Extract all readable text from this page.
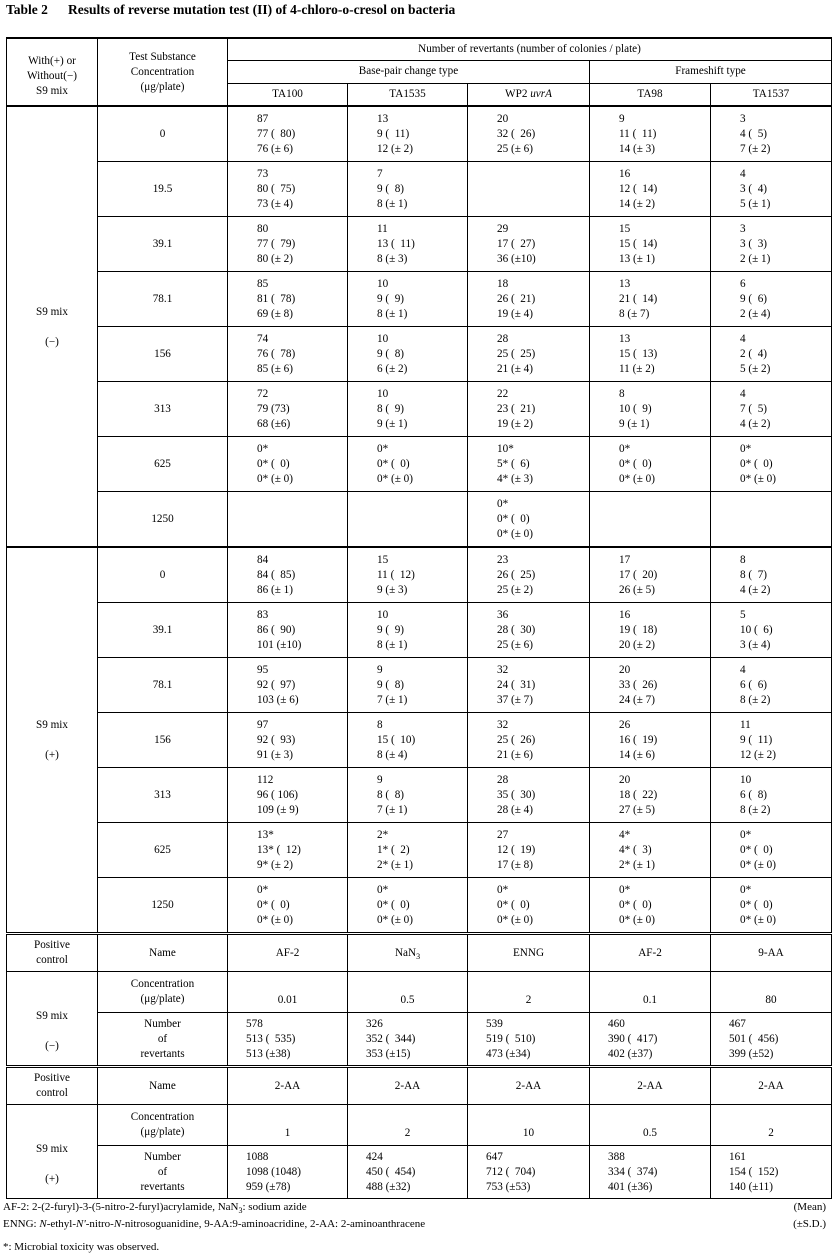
Table 2 Results of reverse mutation test (II) of 4-chloro-o-cresol on bacteria
With(+) or
Without(−)
S9 mix	Test Substance
Concentration
(μg/plate)	Number of revertants (number of colonies / plate)				
		Base-pair change type			Frameshift type	
		TA100	TA1535	WP2 uvrA	TA98	TA1537

S9 mix
(−)	0	87
77 (  80)
76 (± 6)	13
9 (  11)
12 (± 2)	20
32 (  26)
25 (± 6)	9
11 (  11)
14 (± 3)	3
4 (  5)
7 (± 2)

	19.5	73
80 (  75)
73 (± 4)	7
9 (  8)
8 (± 1)		16
12 (  14)
14 (± 2)	4
3 (  4)
5 (± 1)

	39.1	80
77 (  79)
80 (± 2)	11
13 (  11)
8 (± 3)	29
17 (  27)
36 (±10)	15
15 (  14)
13 (± 1)	3
3 (  3)
2 (± 1)

	78.1	85
81 (  78)
69 (± 8)	10
9 (  9)
8 (± 1)	18
26 (  21)
19 (± 4)	13
21 (  14)
8 (± 7)	6
9 (  6)
2 (± 4)

	156	74
76 (  78)
85 (± 6)	10
9 (  8)
6 (± 2)	28
25 (  25)
21 (± 4)	13
15 (  13)
11 (± 2)	4
2 (  4)
5 (± 2)

	313	72
79 (73)
68 (±6)	10
8 (  9)
9 (± 1)	22
23 (  21)
19 (± 2)	8
10 (  9)
9 (± 1)	4
7 (  5)
4 (± 2)

	625	0*
0* (  0)
0* (± 0)	0*
0* (  0)
0* (± 0)	10*
5* (  6)
4* (± 3)	0*
0* (  0)
0* (± 0)	0*
0* (  0)
0* (± 0)

	1250			0*
0* (  0)
0* (± 0)		

S9 mix
(+)	0	84
84 (  85)
86 (± 1)	15
11 (  12)
9 (± 3)	23
26 (  25)
25 (± 2)	17
17 (  20)
26 (± 5)	8
8 (  7)
4 (± 2)

	39.1	83
86 (  90)
101 (±10)	10
9 (  9)
8 (± 1)	36
28 (  30)
25 (± 6)	16
19 (  18)
20 (± 2)	5
10 (  6)
3 (± 4)

	78.1	95
92 (  97)
103 (± 6)	9
9 (  8)
7 (± 1)	32
24 (  31)
37 (± 7)	20
33 (  26)
24 (± 7)	4
6 (  6)
8 (± 2)

	156	97
92 (  93)
91 (± 3)	8
15 (  10)
8 (± 4)	32
25 (  26)
21 (± 6)	26
16 (  19)
14 (± 6)	11
9 (  11)
12 (± 2)

	313	112
96 ( 106)
109 (± 9)	9
8 (  8)
7 (± 1)	28
35 (  30)
28 (± 4)	20
18 (  22)
27 (± 5)	10
6 (  8)
8 (± 2)

	625	13*
13* (  12)
9* (± 2)	2*
1* (  2)
2* (± 1)	27
12 (  19)
17 (± 8)	4*
4* (  3)
2* (± 1)	0*
0* (  0)
0* (± 0)

	1250	0*
0* (  0)
0* (± 0)	0*
0* (  0)
0* (± 0)	0*
0* (  0)
0* (± 0)	0*
0* (  0)
0* (± 0)	0*
0* (  0)
0* (± 0)

Positive
control	Name	AF-2	NaN$_3$	ENNG	AF-2	9-AA

S9 mix
(−)	Concentration
(μg/plate)	0.01	0.5	2	0.1	80

	Number
of
revertants	578
513 (  535)
513 (±38)	326
352 (  344)
353 (±15)	539
519 (  510)
473 (±34)	460
390 (  417)
402 (±37)	467
501 (  456)
399 (±52)

Positive
control	Name	2-AA	2-AA	2-AA	2-AA	2-AA

S9 mix
(+)	Concentration
(μg/plate)	1	2	10	0.5	2

	Number
of
revertants	1088
1098 (1048)
959 (±78)	424
450 (  454)
488 (±32)	647
712 (  704)
753 (±53)	388
334 (  374)
401 (±36)	161
154 (  152)
140 (±11)
AF-2: 2-(2-furyl)-3-(5-nitro-2-furyl)acrylamide, NaN$_3$: sodium azide	(Mean)
ENNG: N-ethyl-N'-nitro-N-nitrosoguanidine, 9-AA:9-aminoacridine, 2-AA: 2-aminoanthracene	(±S.D.)
*: Microbial toxicity was observed.
